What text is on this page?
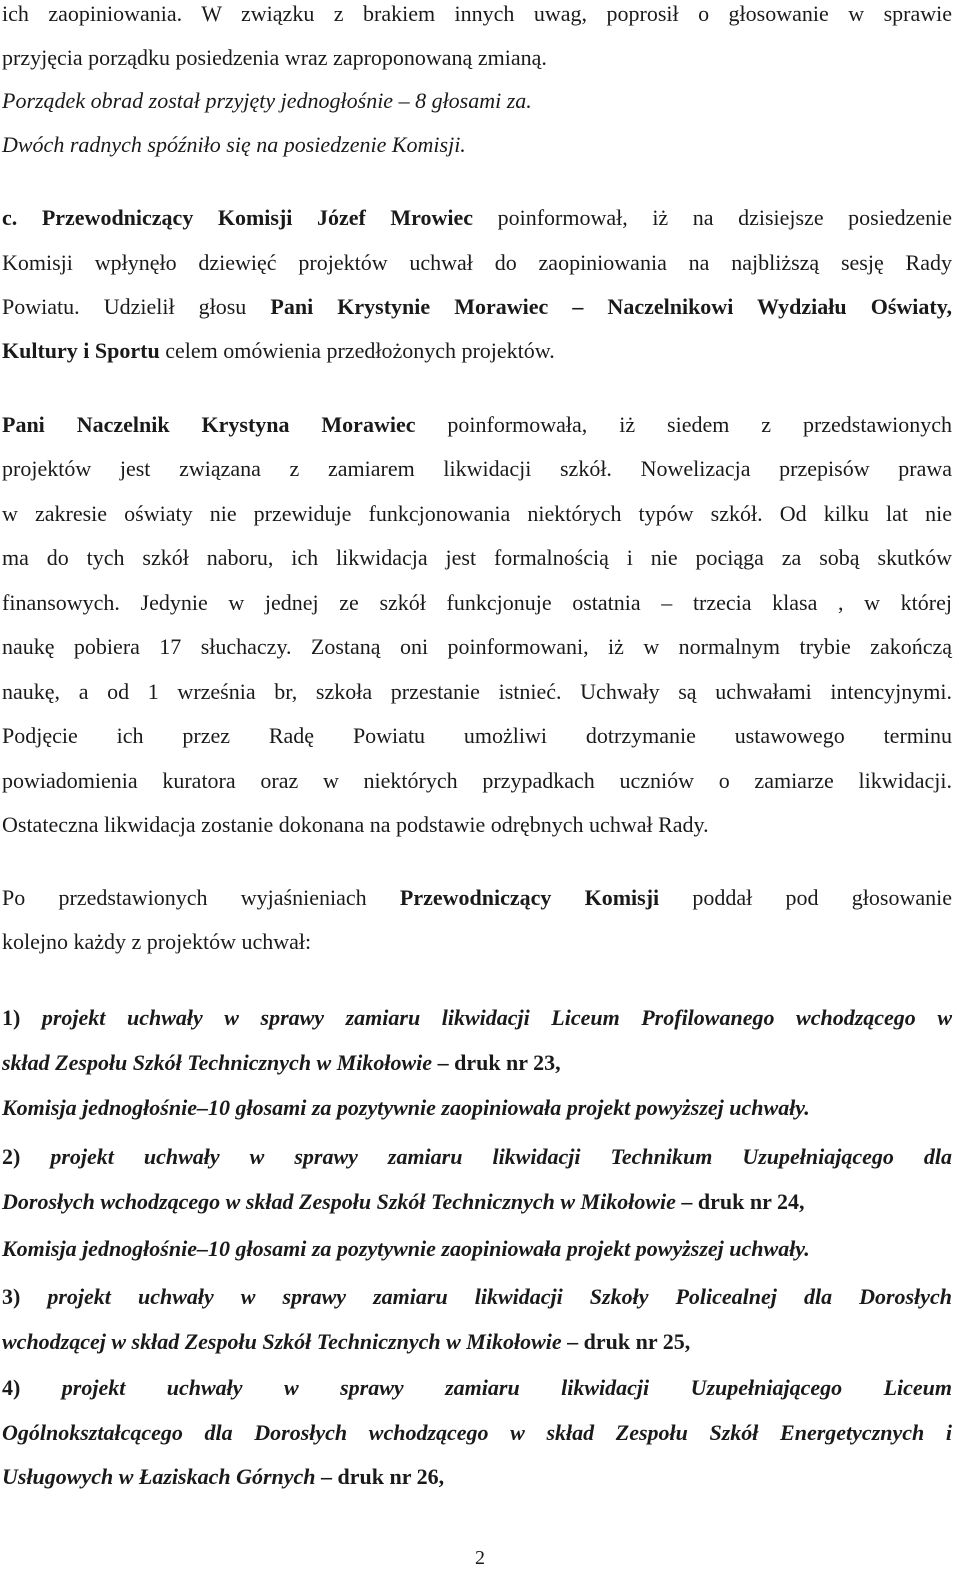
ich zaopiniowania. W związku z brakiem innych uwag, poprosił o głosowanie w sprawie
przyjęcia porządku posiedzenia wraz zaproponowaną zmianą.
Porządek obrad został przyjęty jednogłośnie – 8 głosami za.
Dwóch radnych spóźniło się na posiedzenie Komisji.
c. Przewodniczący Komisji Józef Mrowiec poinformował, iż na dzisiejsze posiedzenie
Komisji wpłynęło dziewięć projektów uchwał do zaopiniowania na najbliższą sesję Rady
Powiatu. Udzielił głosu Pani Krystynie Morawiec – Naczelnikowi Wydziału Oświaty,
Kultury i Sportu celem omówienia przedłożonych projektów.
Pani Naczelnik Krystyna Morawiec poinformowała, iż siedem z przedstawionych
projektów jest związana z zamiarem likwidacji szkół. Nowelizacja przepisów prawa
w zakresie oświaty nie przewiduje funkcjonowania niektórych typów szkół. Od kilku lat nie
ma do tych szkół naboru, ich likwidacja jest formalnością i nie pociąga za sobą skutków
finansowych. Jedynie w jednej ze szkół funkcjonuje ostatnia – trzecia klasa , w której
naukę pobiera 17 słuchaczy. Zostaną oni poinformowani, iż w normalnym trybie zakończą
naukę, a od 1 września br, szkoła przestanie istnieć. Uchwały są uchwałami intencyjnymi.
Podjęcie ich przez Radę Powiatu umożliwi dotrzymanie ustawowego terminu
powiadomienia kuratora oraz w niektórych przypadkach uczniów o zamiarze likwidacji.
Ostateczna likwidacja zostanie dokonana na podstawie odrębnych uchwał Rady.
Po przedstawionych wyjaśnieniach Przewodniczący Komisji poddał pod głosowanie
kolejno każdy z projektów uchwał:
1) projekt uchwały w sprawy zamiaru likwidacji Liceum Profilowanego wchodzącego w
skład Zespołu Szkół Technicznych w Mikołowie – druk nr 23,
Komisja jednogłośnie–10 głosami za pozytywnie zaopiniowała projekt powyższej uchwały.
2) projekt uchwały w sprawy zamiaru likwidacji Technikum Uzupełniającego dla
Dorosłych wchodzącego w skład Zespołu Szkół Technicznych w Mikołowie – druk nr 24,
Komisja jednogłośnie–10 głosami za pozytywnie zaopiniowała projekt powyższej uchwały.
3) projekt uchwały w sprawy zamiaru likwidacji Szkoły Policealnej dla Dorosłych
wchodzącej w skład Zespołu Szkół Technicznych w Mikołowie – druk nr 25,
4) projekt uchwały w sprawy zamiaru likwidacji Uzupełniającego Liceum
Ogólnokształcącego dla Dorosłych wchodzącego w skład Zespołu Szkół Energetycznych i
Usługowych w Łaziskach Górnych – druk nr 26,
2
